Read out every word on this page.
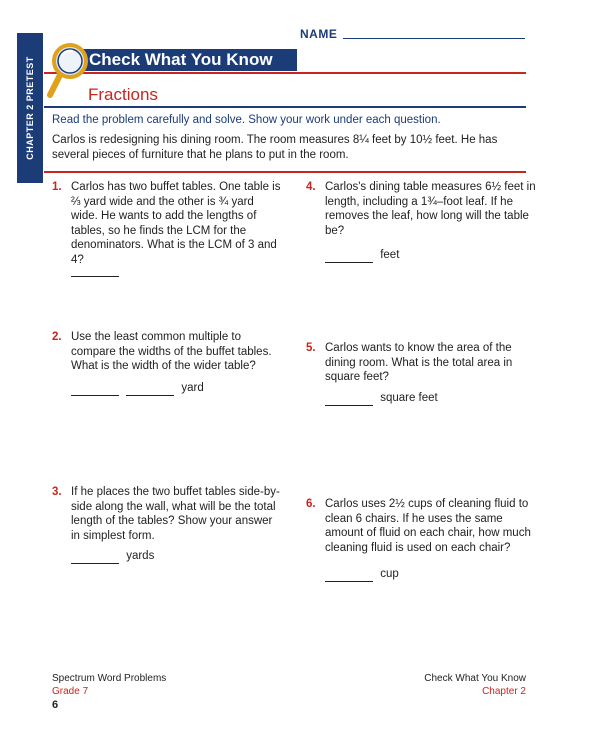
NAME
CHAPTER 2 PRETEST	Check What You Know
Fractions
Read the problem carefully and solve. Show your work under each question.
Carlos is redesigning his dining room. The room measures 8¼ feet by 10½ feet. He has several pieces of furniture that he plans to put in the room.
1. Carlos has two buffet tables. One table is ⅔ yard wide and the other is ¾ yard wide. He wants to add the lengths of tables, so he finds the LCM for the denominators. What is the LCM of 3 and 4?
2. Use the least common multiple to compare the widths of the buffet tables. What is the width of the wider table?
yard
3. If he places the two buffet tables side-by-side along the wall, what will be the total length of the tables? Show your answer in simplest form.
yards
4. Carlos's dining table measures 6½ feet in length, including a 1¾–foot leaf. If he removes the leaf, how long will the table be?
feet
5. Carlos wants to know the area of the dining room. What is the total area in square feet?
square feet
6. Carlos uses 2½ cups of cleaning fluid to clean 6 chairs. If he uses the same amount of fluid on each chair, how much cleaning fluid is used on each chair?
cup
Spectrum Word Problems
Grade 7
6
Check What You Know
Chapter 2
